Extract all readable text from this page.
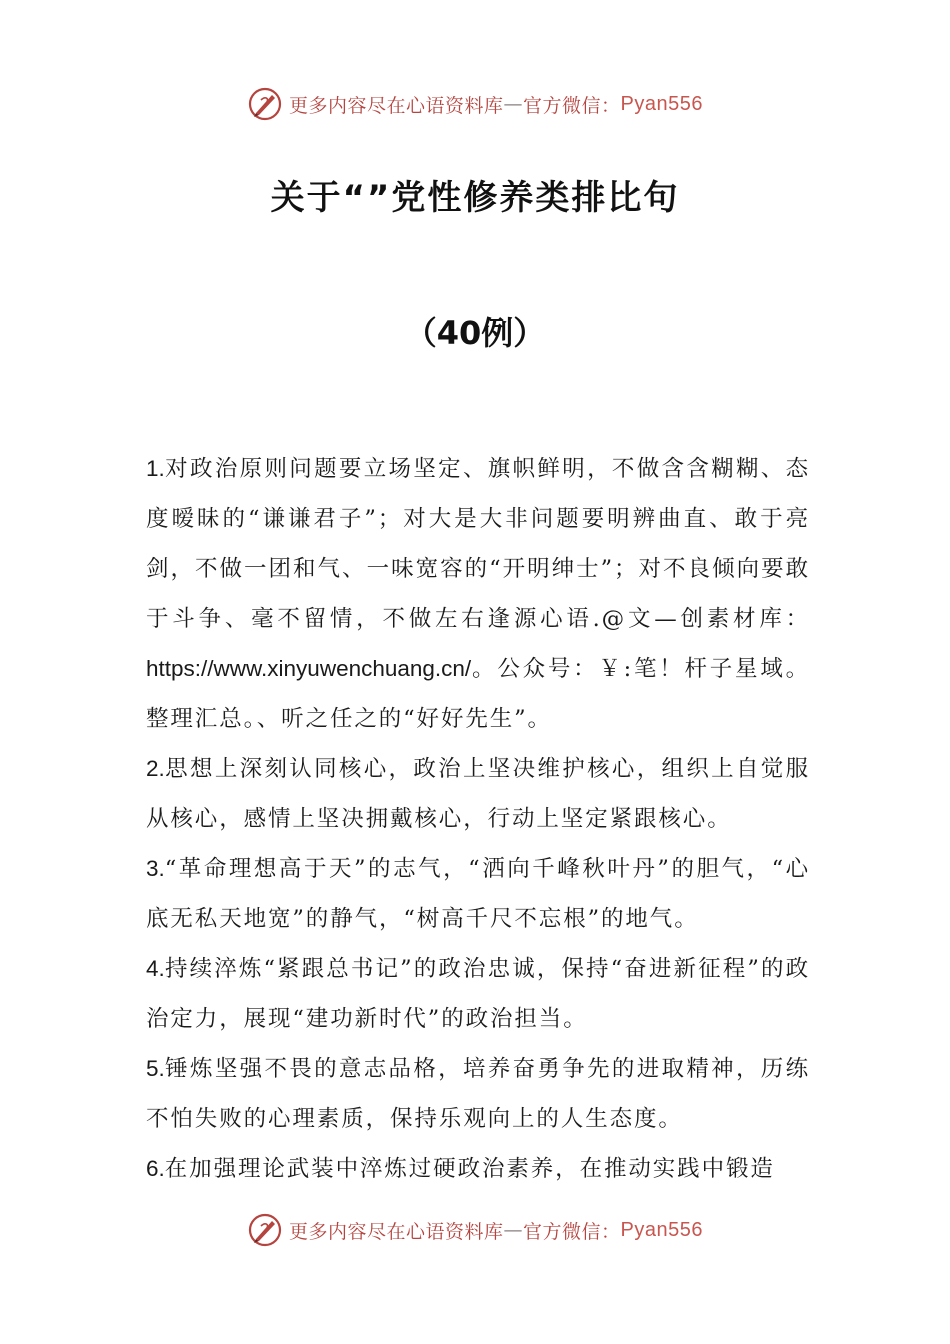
更多内容尽在心语资料库 — 官方微信： Pyan556
关于“”党性修养类排比句
（40例）

1.对政治原则问题要立场坚定、旗帜鲜明，不做含含糊糊、态度暧昧的“谦谦君子”；对大是大非问题要明辨曲直、敢于亮剑，不做一团和气、一味宽容的“开明绅士”；对不良倾向要敢于斗争、毫不留情，不做左右逢源心语.@文—创素材库：https://www.xinyuwenchuang.cn/。公众号：￥:笔！杆子星域。整理汇总。、听之任之的“好好先生”。

2.思想上深刻认同核心，政治上坚决维护核心，组织上自觉服从核心，感情上坚决拥戴核心，行动上坚定紧跟核心。

3.“革命理想高于天”的志气，“洒向千峰秋叶丹”的胆气，“心底无私天地宽”的静气，“树高千尺不忘根”的地气。

4.持续淬炼“紧跟总书记”的政治忠诚，保持“奋进新征程”的政治定力，展现“建功新时代”的政治担当。

5.锤炼坚强不畏的意志品格，培养奋勇争先的进取精神，历练不怕失败的心理素质，保持乐观向上的人生态度。

6.在加强理论武装中淬炼过硬政治素养，在推动实践中锻造

更多内容尽在心语资料库 — 官方微信： Pyan556
